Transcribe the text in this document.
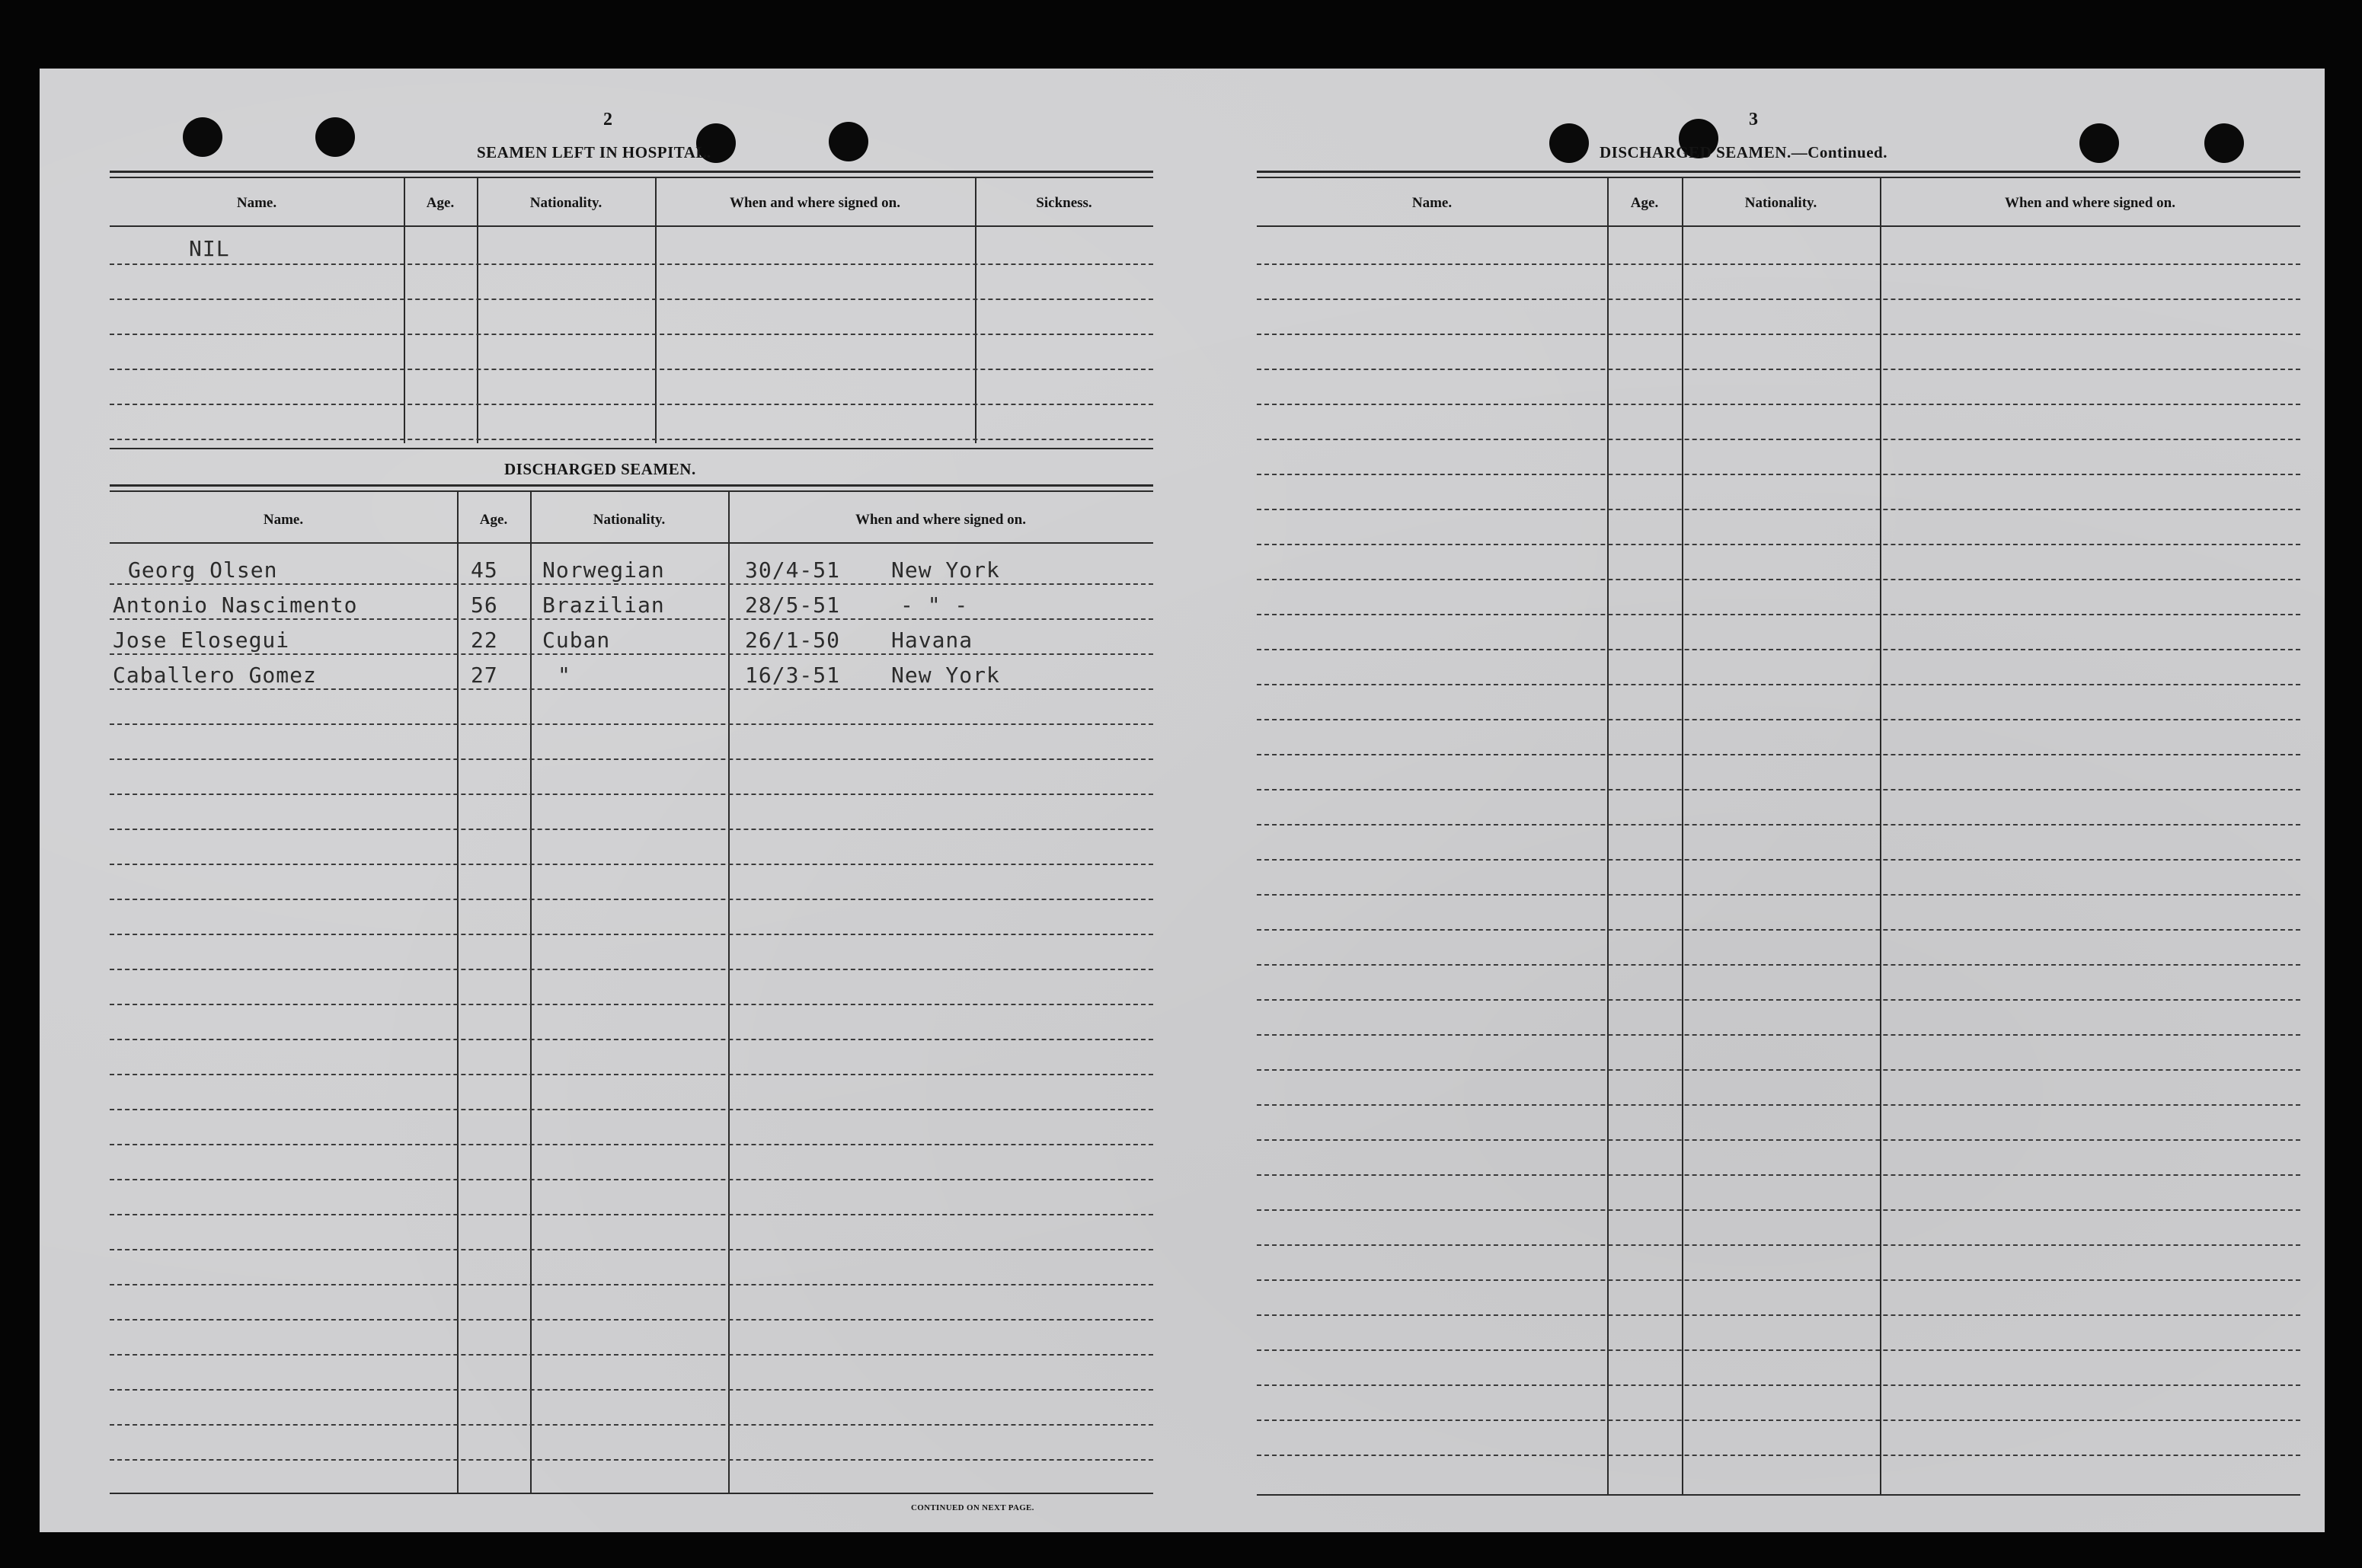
2
SEAMEN LEFT IN HOSPITAL.
Name.	Age.	Nationality.	When and where signed on.	Sickness.
NIL
DISCHARGED SEAMEN.
Name.	Age.	Nationality.	When and where signed on.
Georg Olsen	45 Norwegian	30/4-51 New York
Antonio Nascimento	56 Brazilian	28/5-51	- " -
Jose Elosegui	22 Cuban	26/1-50 Havana
Caballero Gomez	27	"	16/3-51 New York
CONTINUED ON NEXT PAGE.
3
DISCHARGED SEAMEN.—Continued.
Name.	Age.	Nationality.	When and where signed on.
